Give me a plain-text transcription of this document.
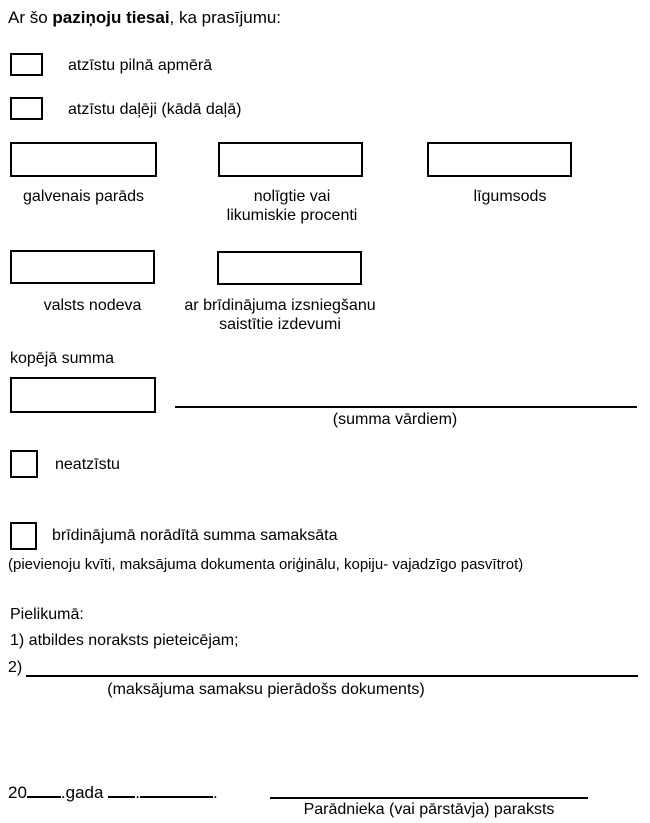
Ar šo paziņoju tiesai, ka prasījumu:
atzīstu pilnā apmērā
atzīstu daļēji (kādā daļā)
galvenais parāds	nolīgtie vai
likumiskie procenti
līgumsods
valsts nodeva	ar brīdinājuma izsniegšanu
saistītie izdevumi
kopējā summa
(summa vārdiem)
neatzīstu
brīdinājumā norādītā summa samaksāta
(pievienoju kvīti, maksājuma dokumenta oriģinālu, kopiju- vajadzīgo pasvītrot)
Pielikumā:
1) atbildes noraksts pieteicējam;
2)
(maksājuma samaksu pierādošs dokuments)
20 .gada .	.
Parādnieka (vai pārstāvja) paraksts
